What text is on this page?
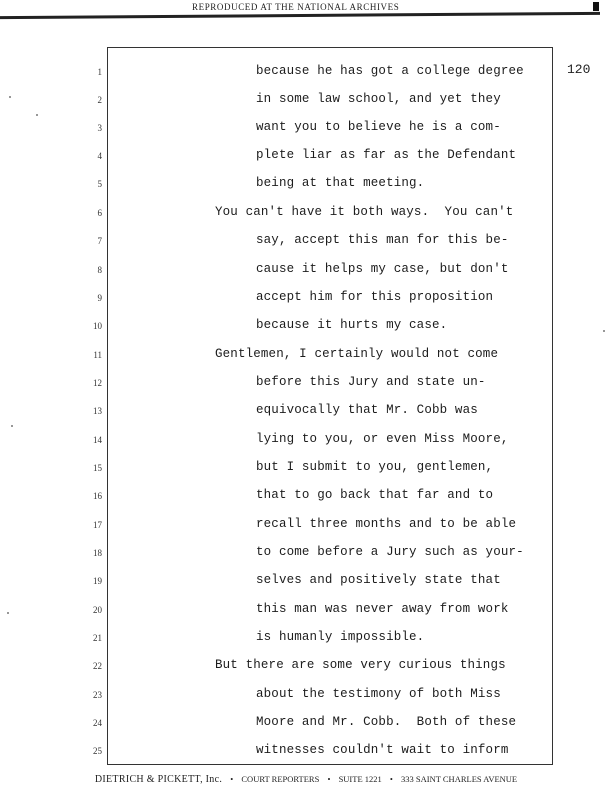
REPRODUCED AT THE NATIONAL ARCHIVES
120
1	because he has got a college degree
2	in some law school, and yet they
3	want you to believe he is a com-
4	plete liar as far as the Defendant
5	being at that meeting.
6	You can't have it both ways.  You can't
7	say, accept this man for this be-
8	cause it helps my case, but don't
9	accept him for this proposition
10	because it hurts my case.
11	Gentlemen, I certainly would not come
12	before this Jury and state un-
13	equivocally that Mr. Cobb was
14	lying to you, or even Miss Moore,
15	but I submit to you, gentlemen,
16	that to go back that far and to
17	recall three months and to be able
18	to come before a Jury such as your-
19	selves and positively state that
20	this man was never away from work
21	is humanly impossible.
22	But there are some very curious things
23	about the testimony of both Miss
24	Moore and Mr. Cobb.  Both of these
25	witnesses couldn't wait to inform
DIETRICH & PICKETT, Inc. • COURT REPORTERS • SUITE 1221 • 333 SAINT CHARLES AVENUE
